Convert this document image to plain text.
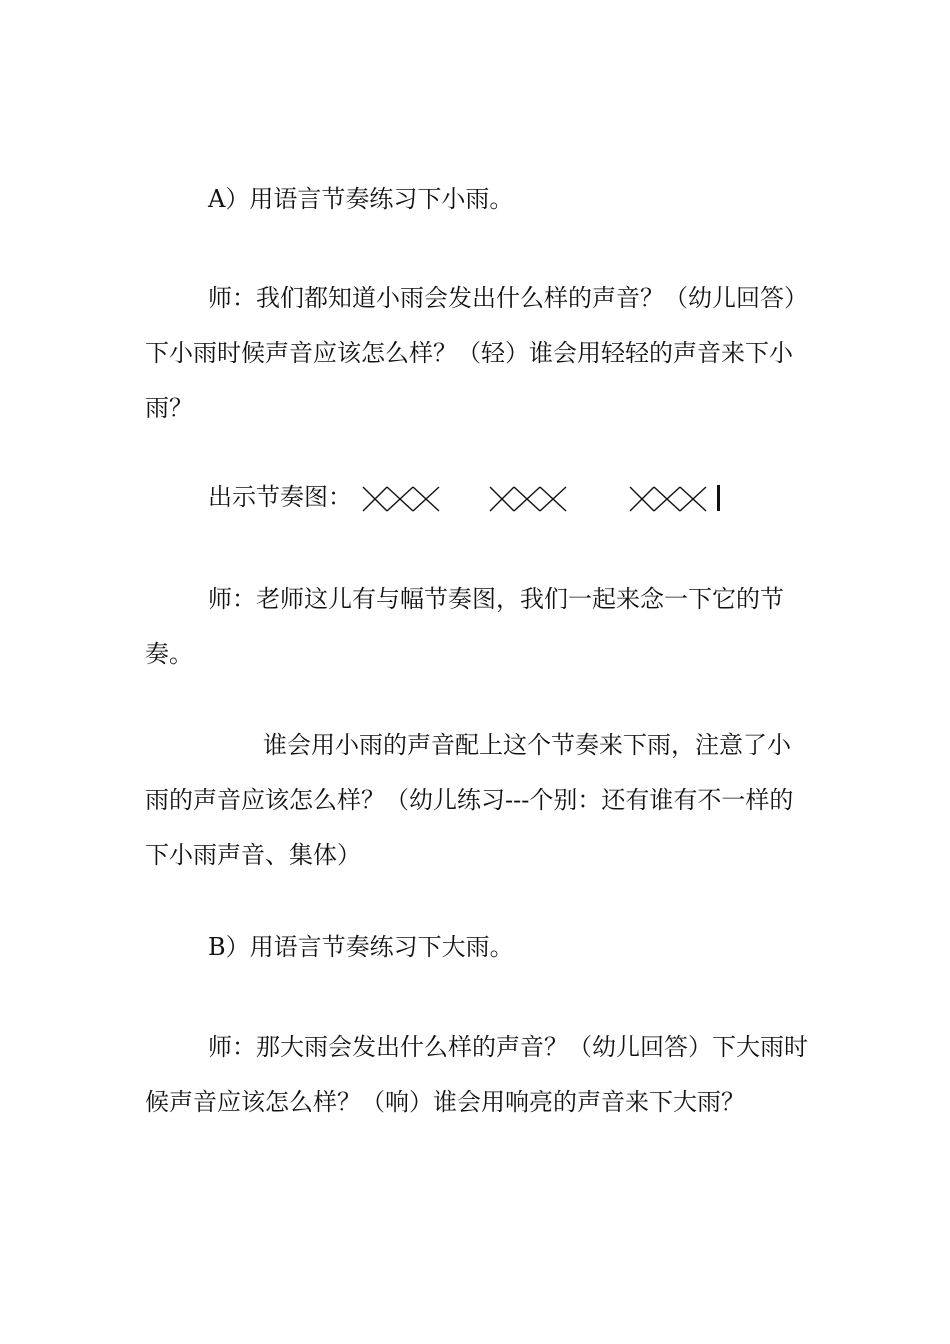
A）用语言节奏练习下小雨。

师：我们都知道小雨会发出什么样的声音？（幼儿回答）下小雨时候声音应该怎么样？（轻）谁会用轻轻的声音来下小雨？

出示节奏图：

师：老师这儿有与幅节奏图，我们一起来念一下它的节奏。

谁会用小雨的声音配上这个节奏来下雨，注意了小雨的声音应该怎么样？（幼儿练习---个别：还有谁有不一样的下小雨声音、集体）

B）用语言节奏练习下大雨。

师：那大雨会发出什么样的声音？（幼儿回答）下大雨时候声音应该怎么样？（响）谁会用响亮的声音来下大雨？
